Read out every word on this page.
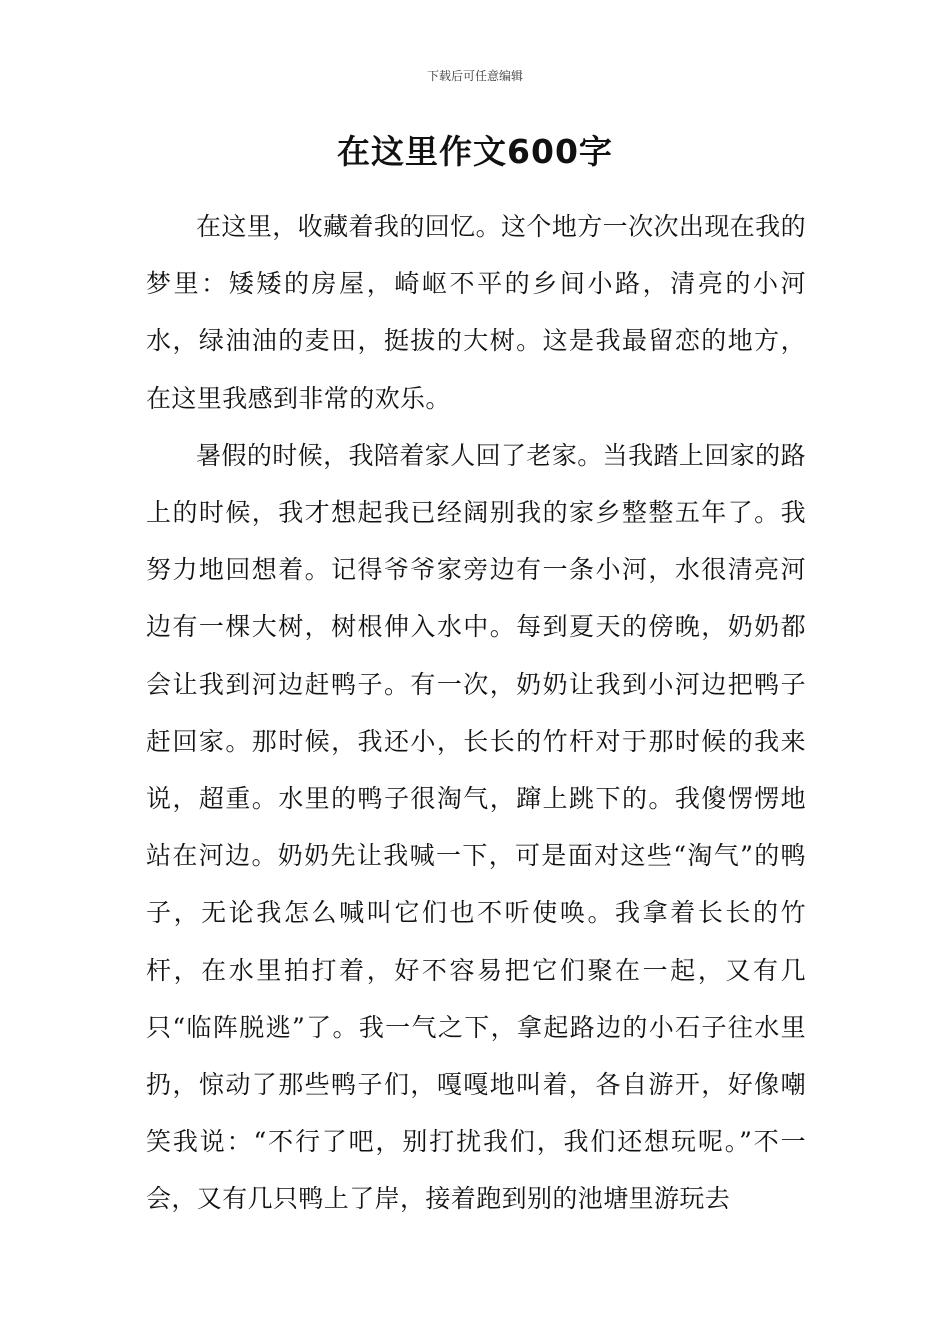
下载后可任意编辑
在这里作文600字

在这里，收藏着我的回忆。这个地方一次次出现在我的梦里：矮矮的房屋，崎岖不平的乡间小路，清亮的小河水，绿油油的麦田，挺拔的大树。这是我最留恋的地方，在这里我感到非常的欢乐。

暑假的时候，我陪着家人回了老家。当我踏上回家的路上的时候，我才想起我已经阔别我的家乡整整五年了。我努力地回想着。记得爷爷家旁边有一条小河，水很清亮河边有一棵大树，树根伸入水中。每到夏天的傍晚，奶奶都会让我到河边赶鸭子。有一次，奶奶让我到小河边把鸭子赶回家。那时候，我还小，长长的竹杆对于那时候的我来说，超重。水里的鸭子很淘气，蹿上跳下的。我傻愣愣地站在河边。奶奶先让我喊一下，可是面对这些“淘气”的鸭子，无论我怎么喊叫它们也不听使唤。我拿着长长的竹杆，在水里拍打着，好不容易把它们聚在一起，又有几只“临阵脱逃”了。我一气之下，拿起路边的小石子往水里扔，惊动了那些鸭子们，嘎嘎地叫着，各自游开，好像嘲笑我说：“不行了吧，别打扰我们，我们还想玩呢。”不一会，又有几只鸭上了岸，接着跑到别的池塘里游玩去
